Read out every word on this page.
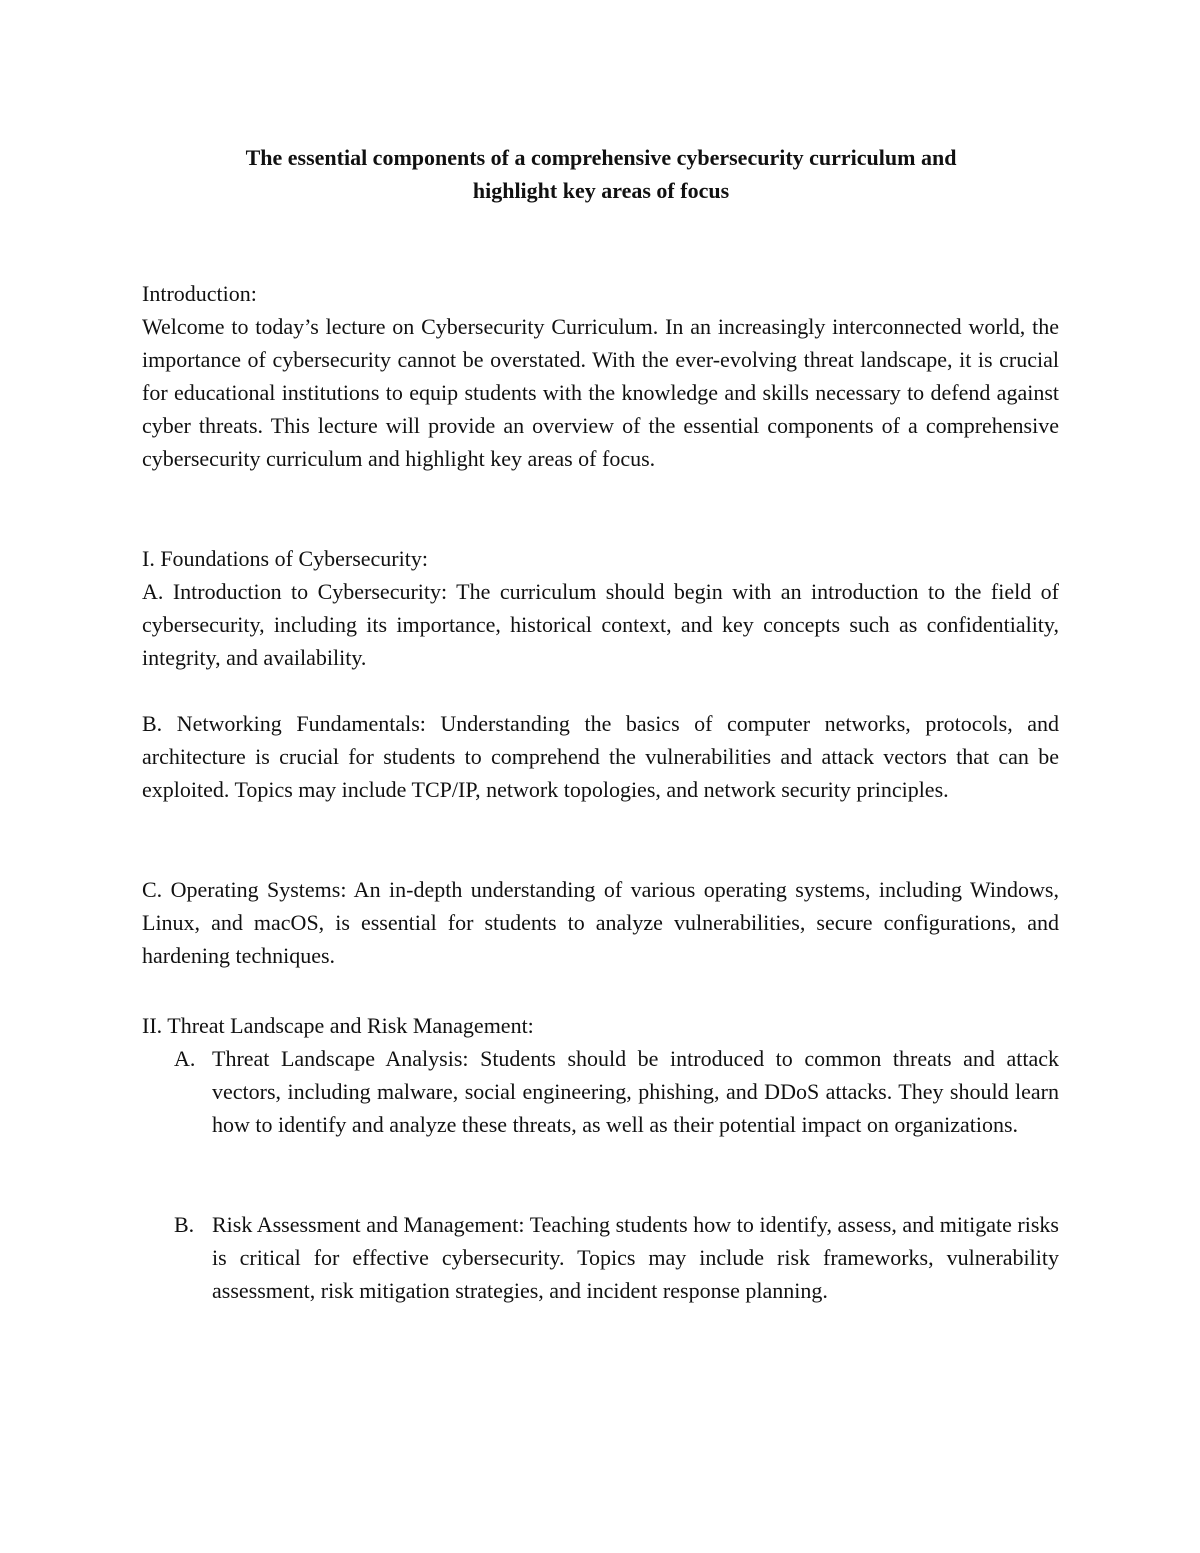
The essential components of a comprehensive cybersecurity curriculum and
highlight key areas of focus
Introduction:
Welcome to today’s lecture on Cybersecurity Curriculum. In an increasingly interconnected world, the importance of cybersecurity cannot be overstated. With the ever-evolving threat landscape, it is crucial for educational institutions to equip students with the knowledge and skills necessary to defend against cyber threats. This lecture will provide an overview of the essential components of a comprehensive cybersecurity curriculum and highlight key areas of focus.
I. Foundations of Cybersecurity:
A. Introduction to Cybersecurity: The curriculum should begin with an introduction to the field of cybersecurity, including its importance, historical context, and key concepts such as confidentiality, integrity, and availability.
B. Networking Fundamentals: Understanding the basics of computer networks, protocols, and architecture is crucial for students to comprehend the vulnerabilities and attack vectors that can be exploited. Topics may include TCP/IP, network topologies, and network security principles.
C. Operating Systems: An in-depth understanding of various operating systems, including Windows, Linux, and macOS, is essential for students to analyze vulnerabilities, secure configurations, and hardening techniques.
II. Threat Landscape and Risk Management:
A. Threat Landscape Analysis: Students should be introduced to common threats and attack vectors, including malware, social engineering, phishing, and DDoS attacks. They should learn how to identify and analyze these threats, as well as their potential impact on organizations.
B. Risk Assessment and Management: Teaching students how to identify, assess, and mitigate risks is critical for effective cybersecurity. Topics may include risk frameworks, vulnerability assessment, risk mitigation strategies, and incident response planning.
